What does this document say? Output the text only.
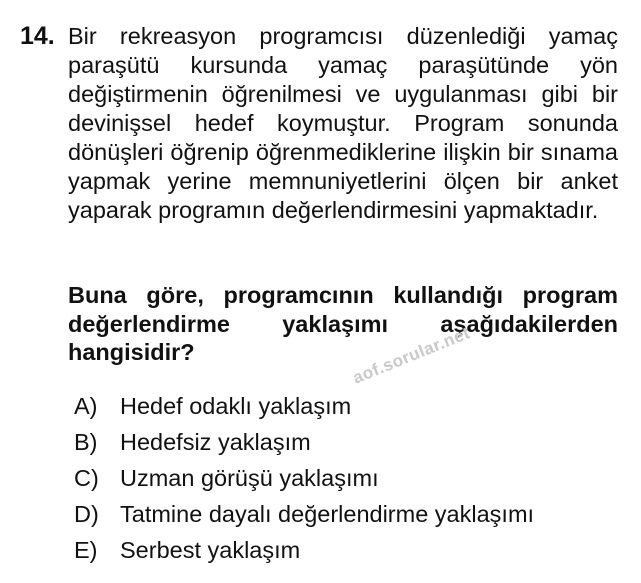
14. Bir rekreasyon programcısı düzenlediği yamaç paraşütü kursunda yamaç paraşütünde yön değiştirmenin öğrenilmesi ve uygulanması gibi bir devinişsel hedef koymuştur. Program sonunda dönüşleri öğrenip öğrenmediklerine ilişkin bir sınama yapmak yerine memnuniyetlerini ölçen bir anket yaparak programın değerlendirmesini yapmaktadır.

Buna göre, programcının kullandığı program değerlendirme yaklaşımı aşağıdakilerden hangisidir?

A) Hedef odaklı yaklaşım
B) Hedefsiz yaklaşım
C) Uzman görüşü yaklaşımı
D) Tatmine dayalı değerlendirme yaklaşımı
E) Serbest yaklaşım
aof.sorular.net
